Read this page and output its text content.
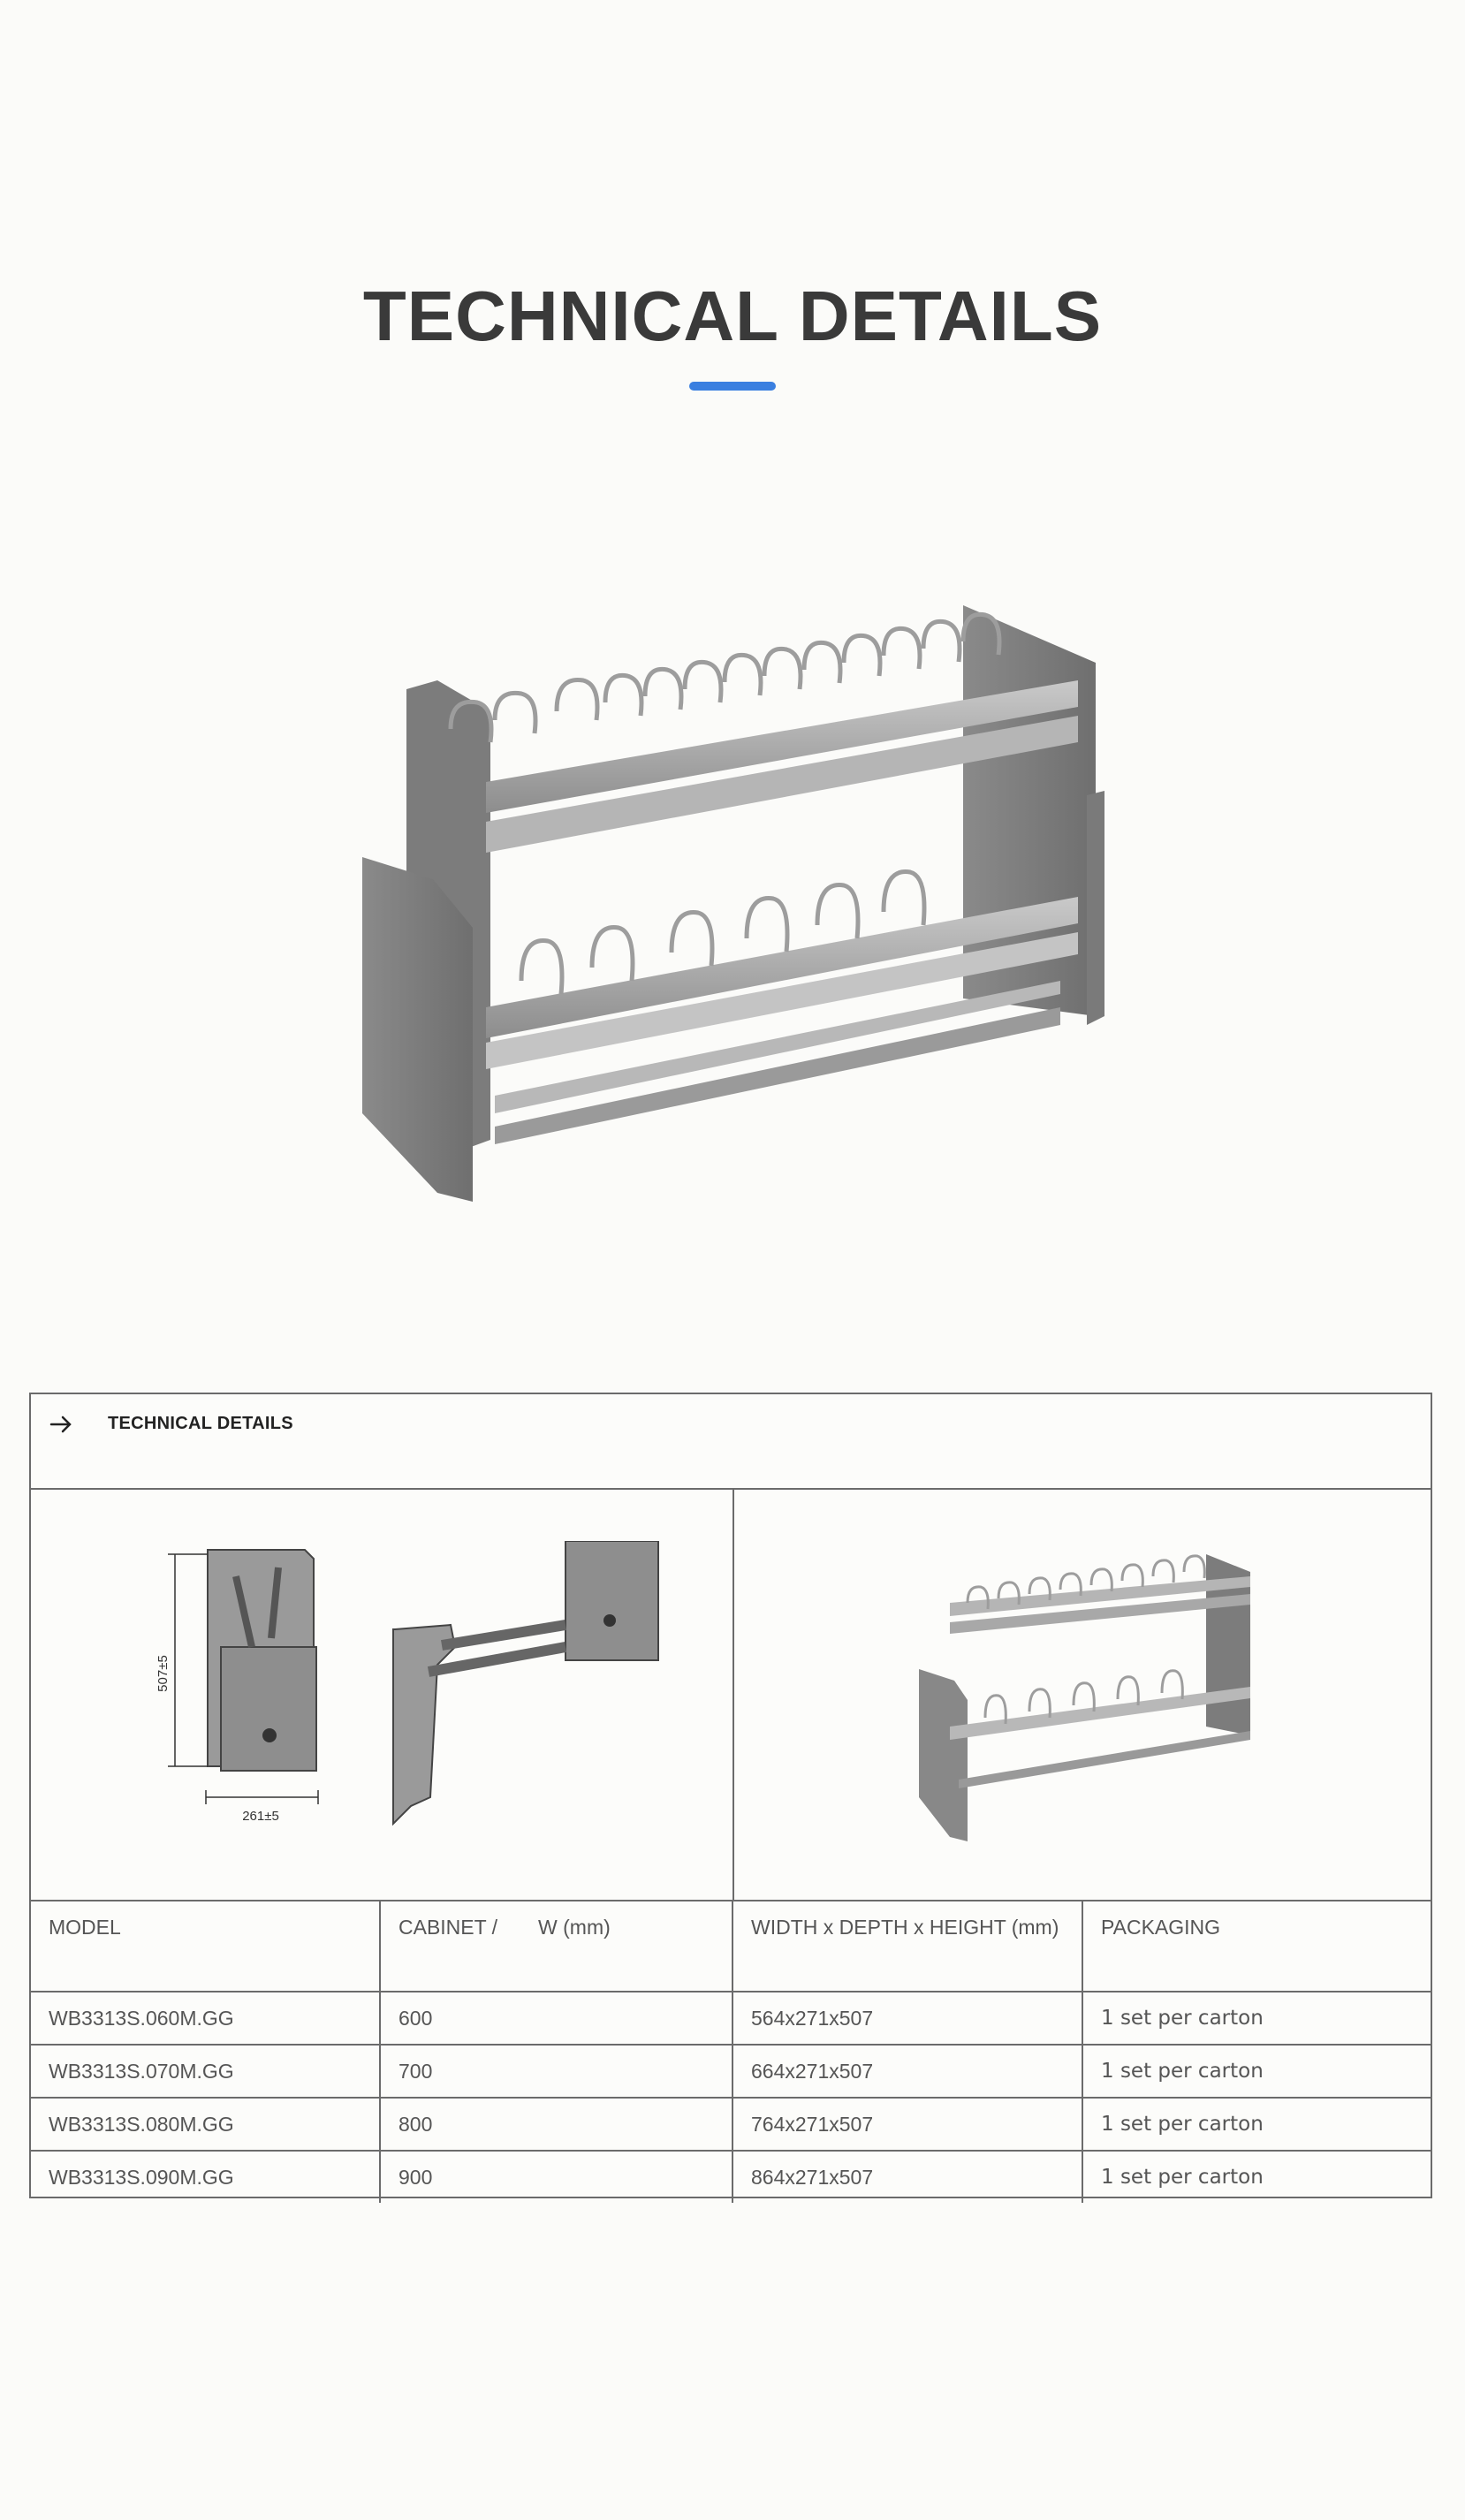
TECHNICAL DETAILS
TECHNICAL DETAILS
507±5
261±5
MODEL	CABINET / W (mm)	WIDTH x DEPTH x HEIGHT (mm)	PACKAGING
WB3313S.060M.GG	600	564x271x507	1 set per carton
WB3313S.070M.GG	700	664x271x507	1 set per carton
WB3313S.080M.GG	800	764x271x507	1 set per carton
WB3313S.090M.GG	900	864x271x507	1 set per carton
